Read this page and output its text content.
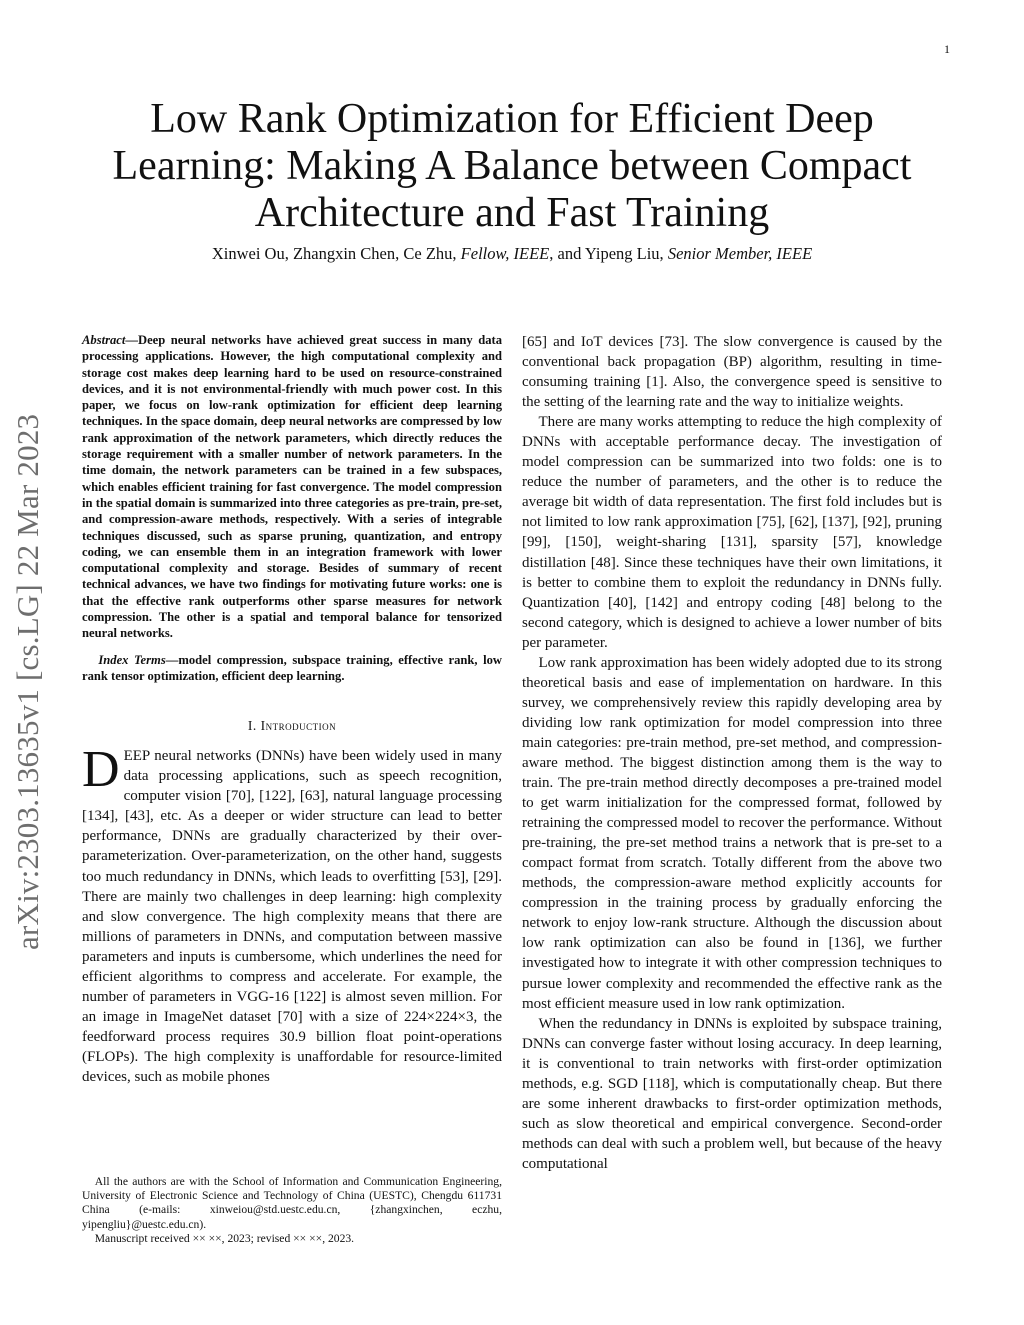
1
arXiv:2303.13635v1 [cs.LG] 22 Mar 2023
Low Rank Optimization for Efficient Deep
Learning: Making A Balance between Compact
Architecture and Fast Training
Xinwei Ou, Zhangxin Chen, Ce Zhu, Fellow, IEEE, and Yipeng Liu, Senior Member, IEEE

Abstract—Deep neural networks have achieved great success in many data processing applications. However, the high computational complexity and storage cost makes deep learning hard to be used on resource-constrained devices, and it is not environmental-friendly with much power cost. In this paper, we focus on low-rank optimization for efficient deep learning techniques. In the space domain, deep neural networks are compressed by low rank approximation of the network parameters, which directly reduces the storage requirement with a smaller number of network parameters. In the time domain, the network parameters can be trained in a few subspaces, which enables efficient training for fast convergence. The model compression in the spatial domain is summarized into three categories as pre-train, pre-set, and compression-aware methods, respectively. With a series of integrable techniques discussed, such as sparse pruning, quantization, and entropy coding, we can ensemble them in an integration framework with lower computational complexity and storage. Besides of summary of recent technical advances, we have two findings for motivating future works: one is that the effective rank outperforms other sparse measures for network compression. The other is a spatial and temporal balance for tensorized neural networks.

Index Terms—model compression, subspace training, effective rank, low rank tensor optimization, efficient deep learning.

I. Introduction

DEEP neural networks (DNNs) have been widely used in many data processing applications, such as speech recognition, computer vision [70], [122], [63], natural language processing [134], [43], etc. As a deeper or wider structure can lead to better performance, DNNs are gradually characterized by their over-parameterization. Over-parameterization, on the other hand, suggests too much redundancy in DNNs, which leads to overfitting [53], [29]. There are mainly two challenges in deep learning: high complexity and slow convergence. The high complexity means that there are millions of parameters in DNNs, and computation between massive parameters and inputs is cumbersome, which underlines the need for efficient algorithms to compress and accelerate. For example, the number of parameters in VGG-16 [122] is almost seven million. For an image in ImageNet dataset [70] with a size of 224×224×3, the feedforward process requires 30.9 billion float point-operations (FLOPs). The high complexity is unaffordable for resource-limited devices, such as mobile phones

[65] and IoT devices [73]. The slow convergence is caused by the conventional back propagation (BP) algorithm, resulting in time-consuming training [1]. Also, the convergence speed is sensitive to the setting of the learning rate and the way to initialize weights.

There are many works attempting to reduce the high complexity of DNNs with acceptable performance decay. The investigation of model compression can be summarized into two folds: one is to reduce the number of parameters, and the other is to reduce the average bit width of data representation. The first fold includes but is not limited to low rank approximation [75], [62], [137], [92], pruning [99], [150], weight-sharing [131], sparsity [57], knowledge distillation [48]. Since these techniques have their own limitations, it is better to combine them to exploit the redundancy in DNNs fully. Quantization [40], [142] and entropy coding [48] belong to the second category, which is designed to achieve a lower number of bits per parameter.

Low rank approximation has been widely adopted due to its strong theoretical basis and ease of implementation on hardware. In this survey, we comprehensively review this rapidly developing area by dividing low rank optimization for model compression into three main categories: pre-train method, pre-set method, and compression-aware method. The biggest distinction among them is the way to train. The pre-train method directly decomposes a pre-trained model to get warm initialization for the compressed format, followed by retraining the compressed model to recover the performance. Without pre-training, the pre-set method trains a network that is pre-set to a compact format from scratch. Totally different from the above two methods, the compression-aware method explicitly accounts for compression in the training process by gradually enforcing the network to enjoy low-rank structure. Although the discussion about low rank optimization can also be found in [136], we further investigated how to integrate it with other compression techniques to pursue lower complexity and recommended the effective rank as the most efficient measure used in low rank optimization.

When the redundancy in DNNs is exploited by subspace training, DNNs can converge faster without losing accuracy. In deep learning, it is conventional to train networks with first-order optimization methods, e.g. SGD [118], which is computationally cheap. But there are some inherent drawbacks to first-order optimization methods, such as slow theoretical and empirical convergence. Second-order methods can deal with such a problem well, but because of the heavy computational

All the authors are with the School of Information and Communication Engineering, University of Electronic Science and Technology of China (UESTC), Chengdu 611731 China (e-mails: xinweiou@std.uestc.edu.cn, {zhangxinchen, eczhu, yipengliu}@uestc.edu.cn).

Manuscript received ×× ××, 2023; revised ×× ××, 2023.
